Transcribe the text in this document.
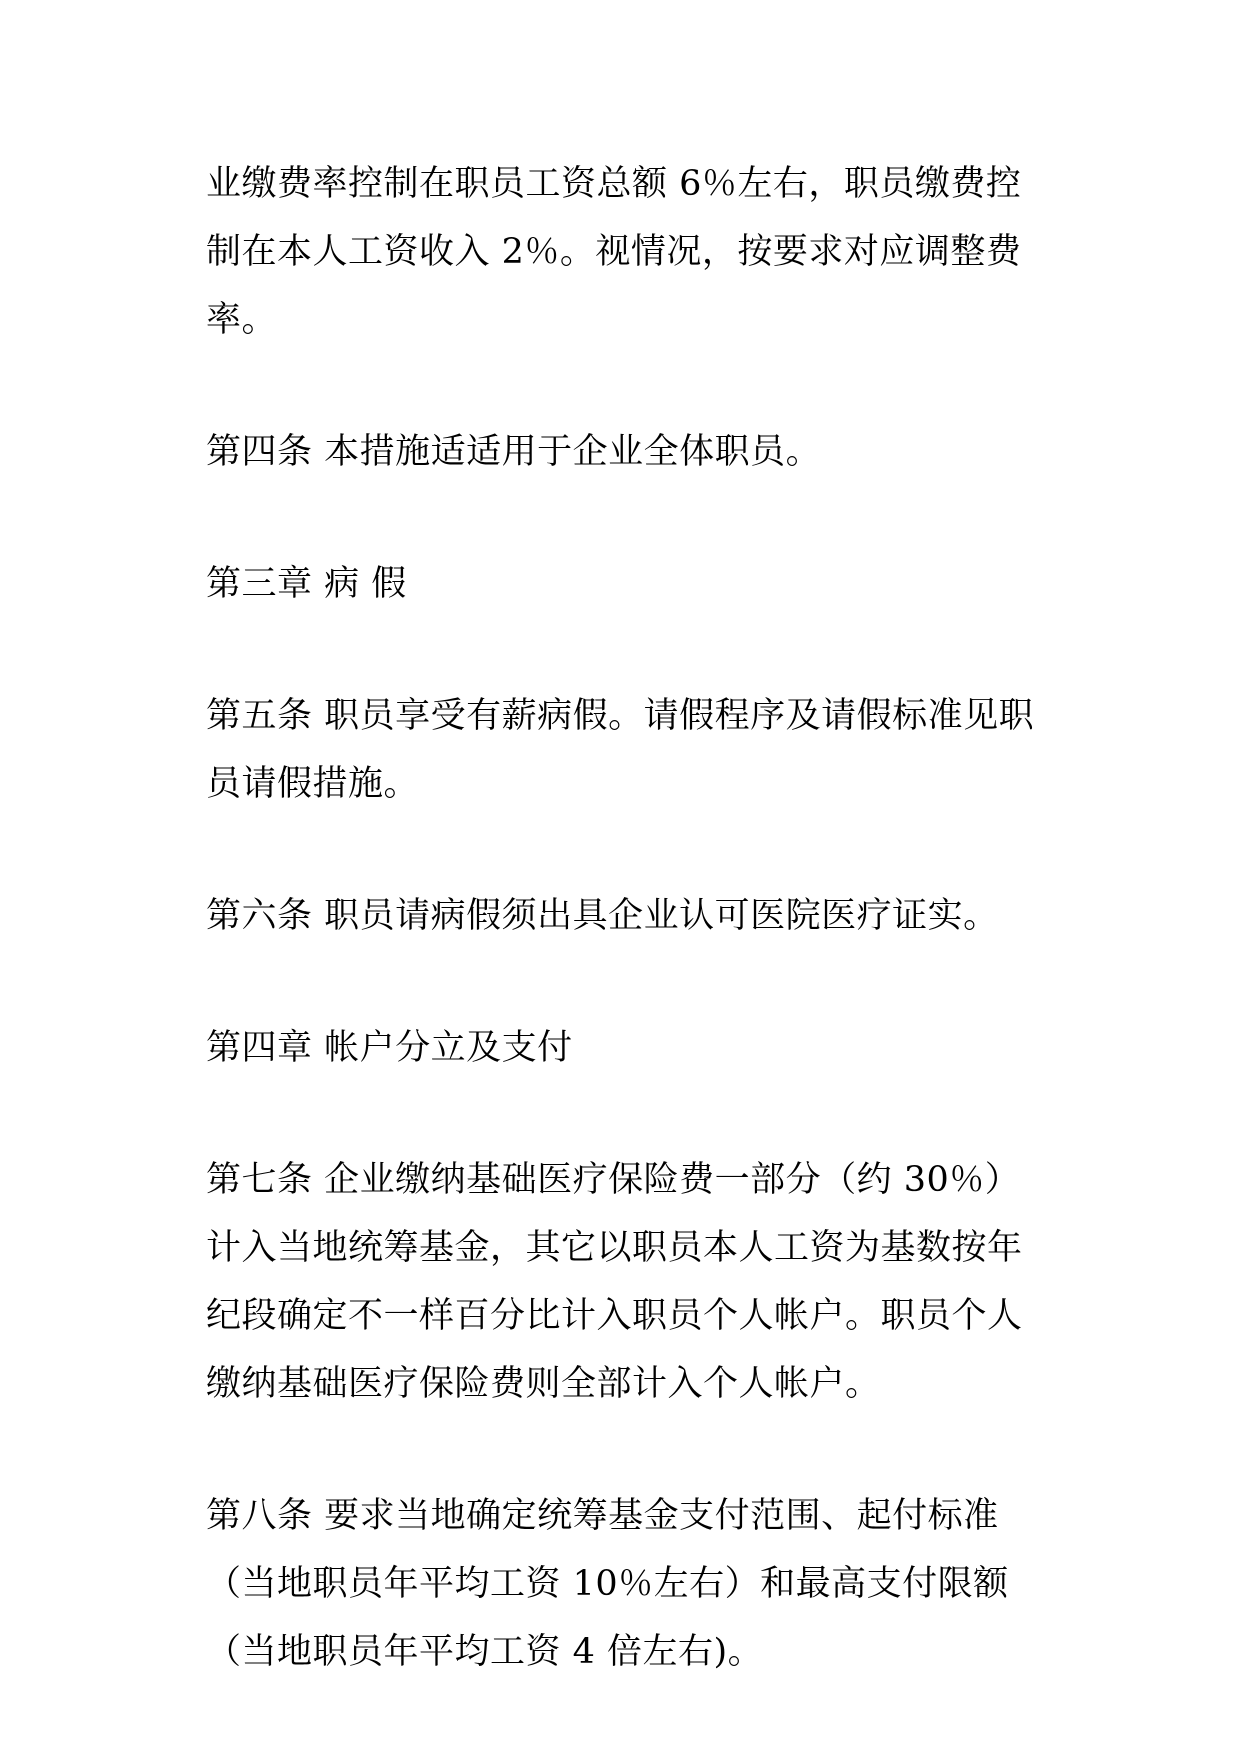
业缴费率控制在职员工资总额 6％左右，职员缴费控制在本人工资收入 2％。视情况，按要求对应调整费率。

第四条 本措施适适用于企业全体职员。

第三章 病 假

第五条 职员享受有薪病假。请假程序及请假标准见职员请假措施。

第六条 职员请病假须出具企业认可医院医疗证实。

第四章 帐户分立及支付

第七条 企业缴纳基础医疗保险费一部分（约 30％）计入当地统筹基金，其它以职员本人工资为基数按年纪段确定不一样百分比计入职员个人帐户。职员个人缴纳基础医疗保险费则全部计入个人帐户。

第八条 要求当地确定统筹基金支付范围、起付标准（当地职员年平均工资 10％左右）和最高支付限额（当地职员年平均工资 4 倍左右)。
